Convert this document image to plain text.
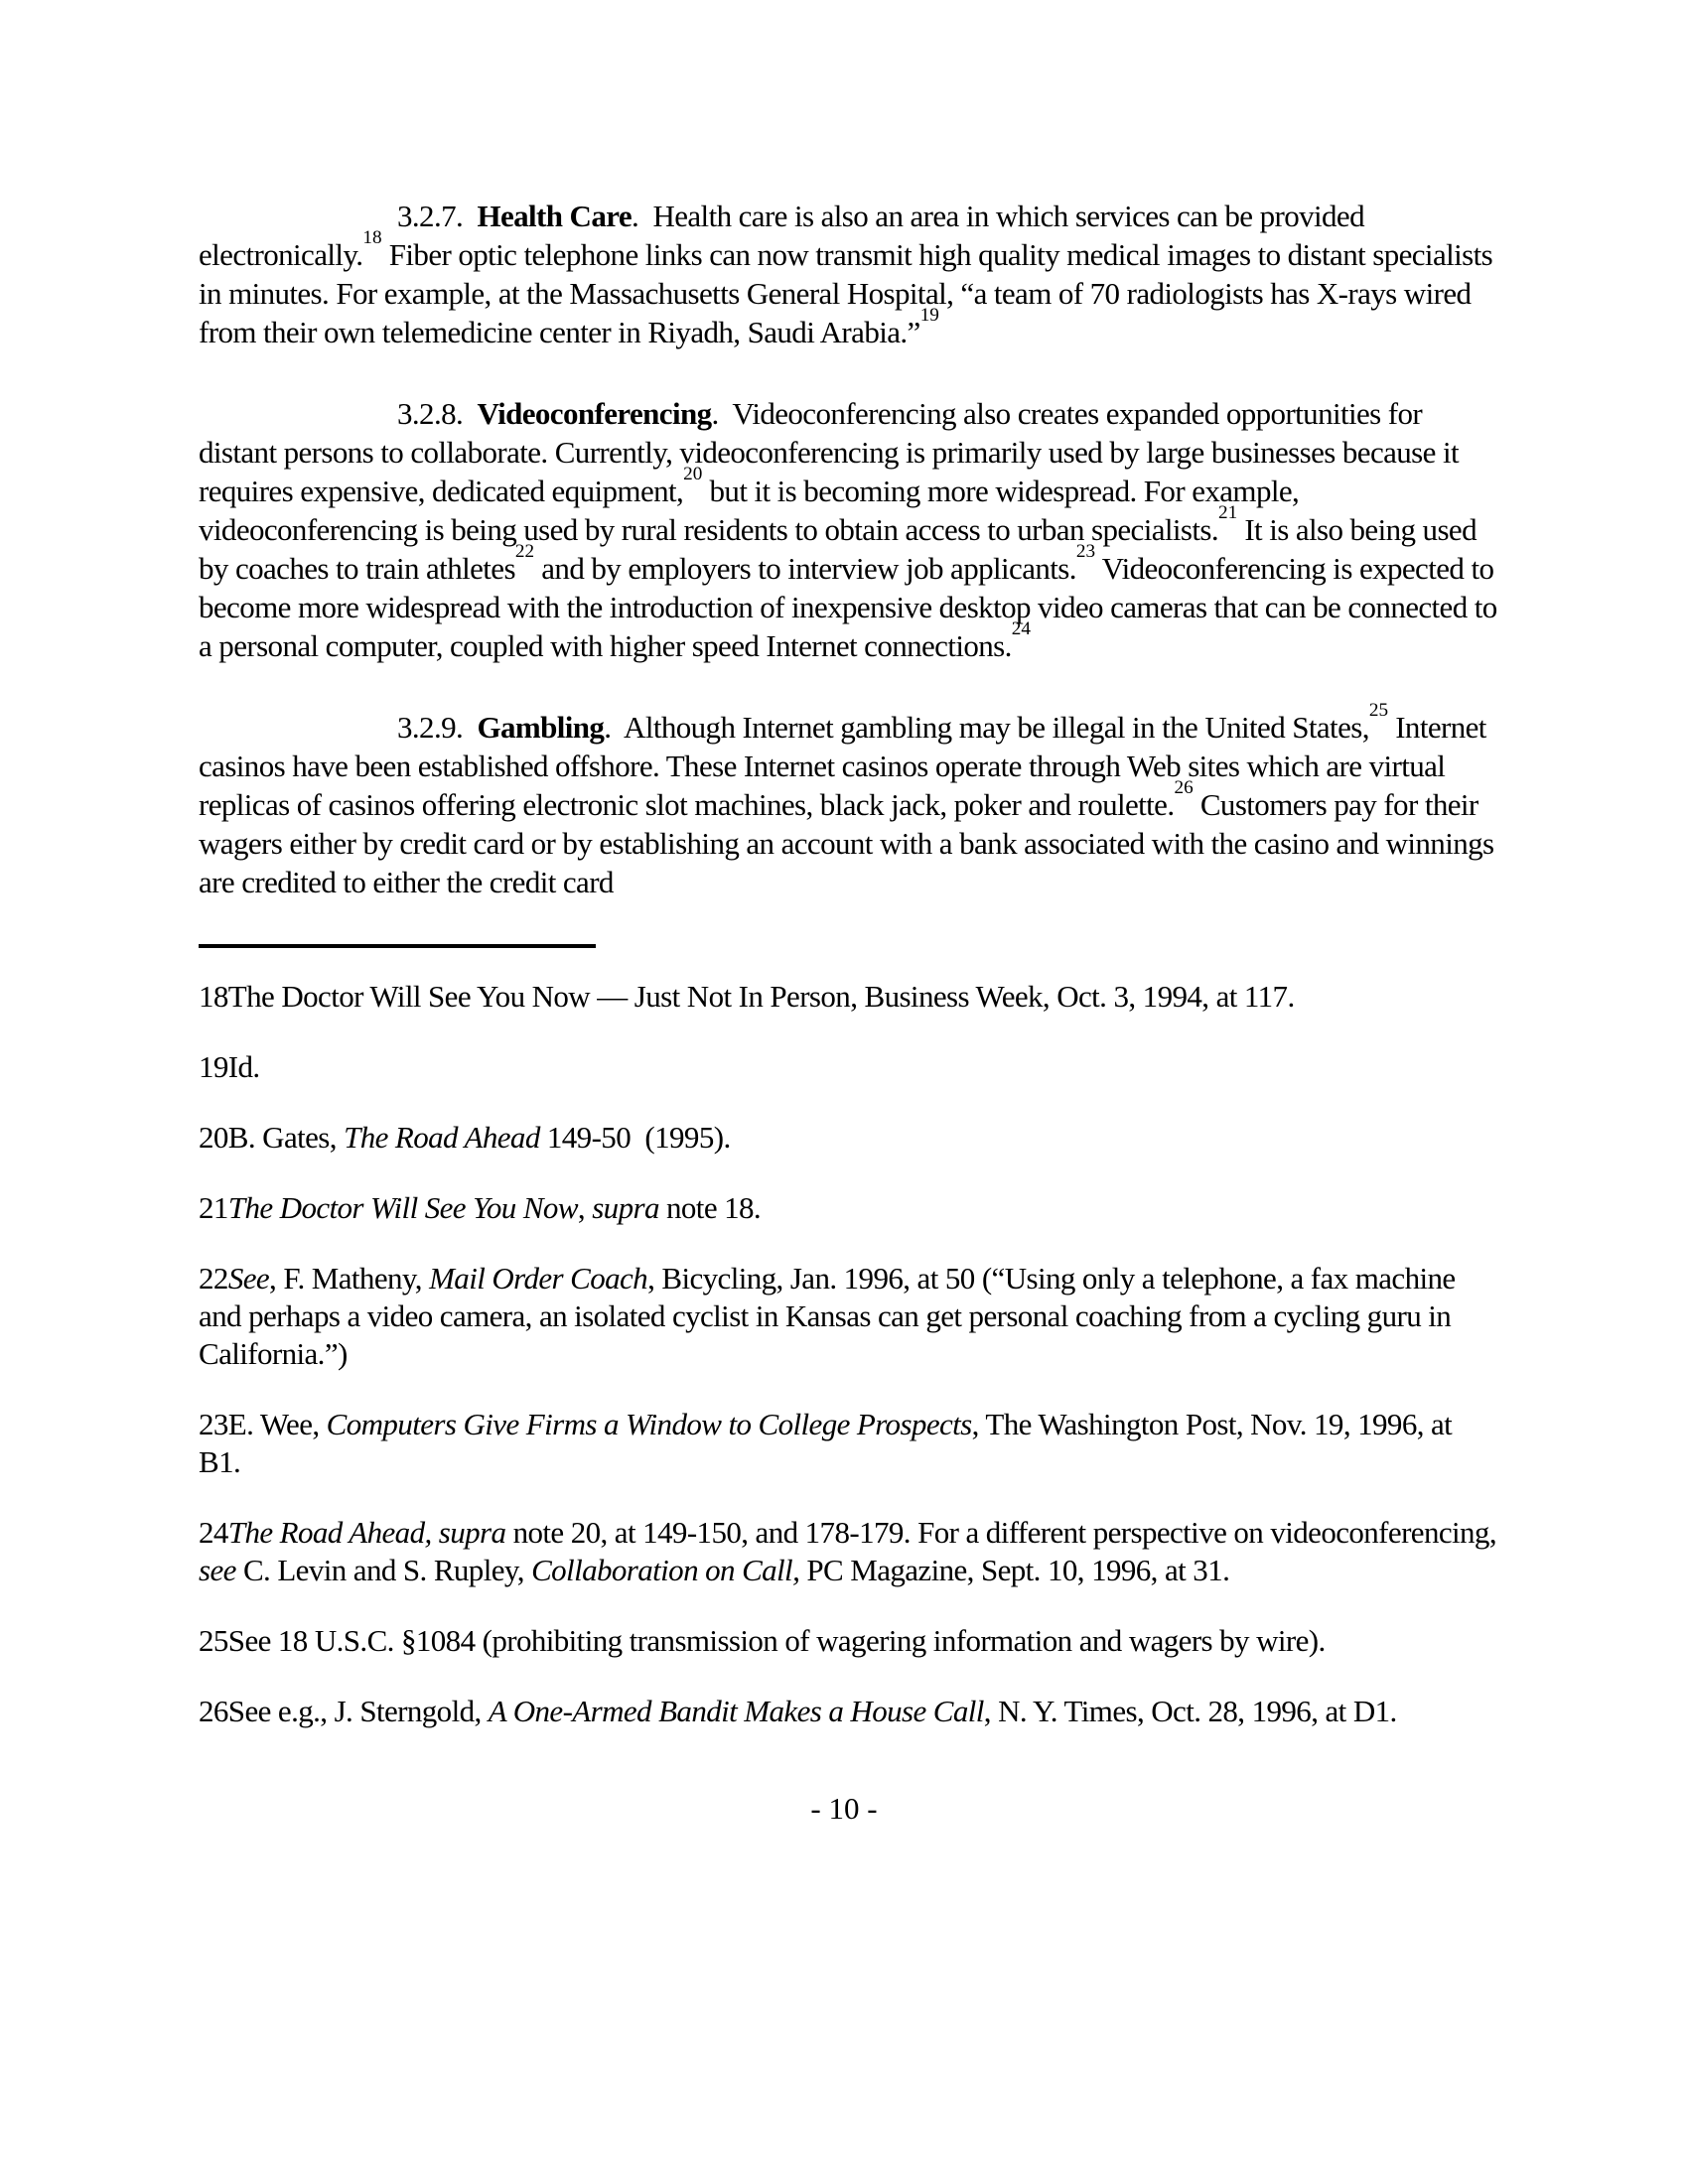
3.2.7.  Health Care.  Health care is also an area in which services can be provided electronically.$^{18}$ Fiber optic telephone links can now transmit high quality medical images to distant specialists in minutes. For example, at the Massachusetts General Hospital, “a team of 70 radiologists has X-rays wired from their own telemedicine center in Riyadh, Saudi Arabia.”$^{19}$

3.2.8.  Videoconferencing.  Videoconferencing also creates expanded opportunities for distant persons to collaborate. Currently, videoconferencing is primarily used by large businesses because it requires expensive, dedicated equipment,$^{20}$ but it is becoming more widespread. For example, videoconferencing is being used by rural residents to obtain access to urban specialists.$^{21}$ It is also being used by coaches to train athletes$^{22}$ and by employers to interview job applicants.$^{23}$ Videoconferencing is expected to become more widespread with the introduction of inexpensive desktop video cameras that can be connected to a personal computer, coupled with higher speed Internet connections.$^{24}$

3.2.9.  Gambling.  Although Internet gambling may be illegal in the United States,$^{25}$ Internet casinos have been established offshore. These Internet casinos operate through Web sites which are virtual replicas of casinos offering electronic slot machines, black jack, poker and roulette.$^{26}$ Customers pay for their wagers either by credit card or by establishing an account with a bank associated with the casino and winnings are credited to either the credit card

18The Doctor Will See You Now — Just Not In Person, Business Week, Oct. 3, 1994, at 117.

19Id.

20B. Gates, The Road Ahead 149-50  (1995).

21The Doctor Will See You Now, supra note 18.

22See, F. Matheny, Mail Order Coach, Bicycling, Jan. 1996, at 50 (“Using only a telephone, a fax machine and perhaps a video camera, an isolated cyclist in Kansas can get personal coaching from a cycling guru in California.”)

23E. Wee, Computers Give Firms a Window to College Prospects, The Washington Post, Nov. 19, 1996, at B1.

24The Road Ahead, supra note 20, at 149-150, and 178-179. For a different perspective on videoconferencing, see C. Levin and S. Rupley, Collaboration on Call, PC Magazine, Sept. 10, 1996, at 31.

25See 18 U.S.C. §1084 (prohibiting transmission of wagering information and wagers by wire).

26See e.g., J. Sterngold, A One-Armed Bandit Makes a House Call, N. Y. Times, Oct. 28, 1996, at D1.

- 10 -
